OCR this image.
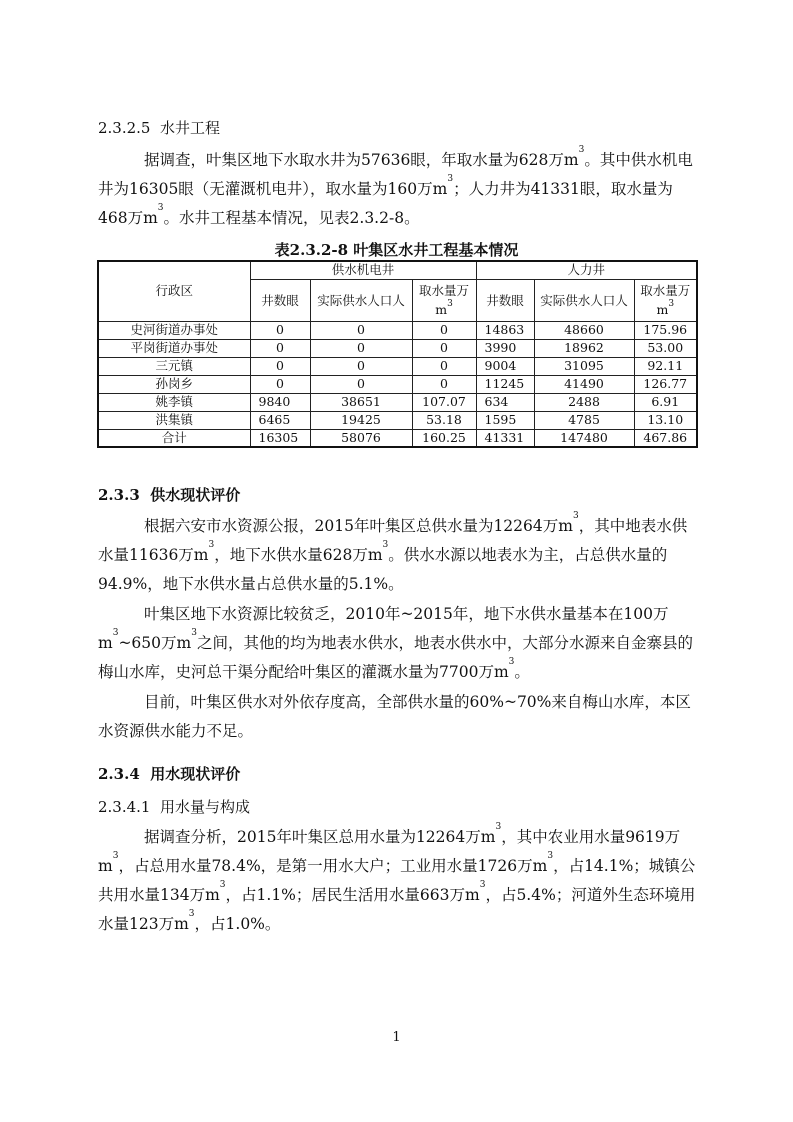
2.3.2.5 水井工程

据调查，叶集区地下水取水井为57636眼，年取水量为628万$m^3$。其中供水机电井为16305眼（无灌溉机电井），取水量为160万$m^3$；人力井为41331眼，取水量为468万$m^3$。水井工程基本情况，见表2.3.2-8。

表2.3.2-8 叶集区水井工程基本情况
行政区	供水机电井			人力井		
	井数眼	实际供水人口人	取水量万$m^3$	井数眼	实际供水人口人	取水量万$m^3$
史河街道办事处	0	0	0	14863	48660	175.96
平岗街道办事处	0	0	0	3990	18962	53.00
三元镇	0	0	0	9004	31095	92.11
孙岗乡	0	0	0	11245	41490	126.77
姚李镇	9840	38651	107.07	634	2488	6.91
洪集镇	6465	19425	53.18	1595	4785	13.10
合计	16305	58076	160.25	41331	147480	467.86
2.3.3 供水现状评价

根据六安市水资源公报，2015年叶集区总供水量为12264万$m^3$，其中地表水供水量11636万$m^3$，地下水供水量628万$m^3$。供水水源以地表水为主，占总供水量的94.9%，地下水供水量占总供水量的5.1%。

叶集区地下水资源比较贫乏，2010年~2015年，地下水供水量基本在100万$m^3\sim 650$万$m^3$之间，其他的均为地表水供水，地表水供水中，大部分水源来自金寨县的梅山水库，史河总干渠分配给叶集区的灌溉水量为7700万$m^3$。

目前，叶集区供水对外依存度高，全部供水量的60%~70%来自梅山水库，本区水资源供水能力不足。

2.3.4 用水现状评价
2.3.4.1 用水量与构成

据调查分析，2015年叶集区总用水量为12264万$m^3$，其中农业用水量9619万$m^3$，占总用水量78.4%，是第一用水大户；工业用水量1726万$m^3$，占14.1%；城镇公共用水量134万$m^3$，占1.1%；居民生活用水量663万$m^3$，占5.4%；河道外生态环境用水量123万$m^3$，占1.0%。

1
